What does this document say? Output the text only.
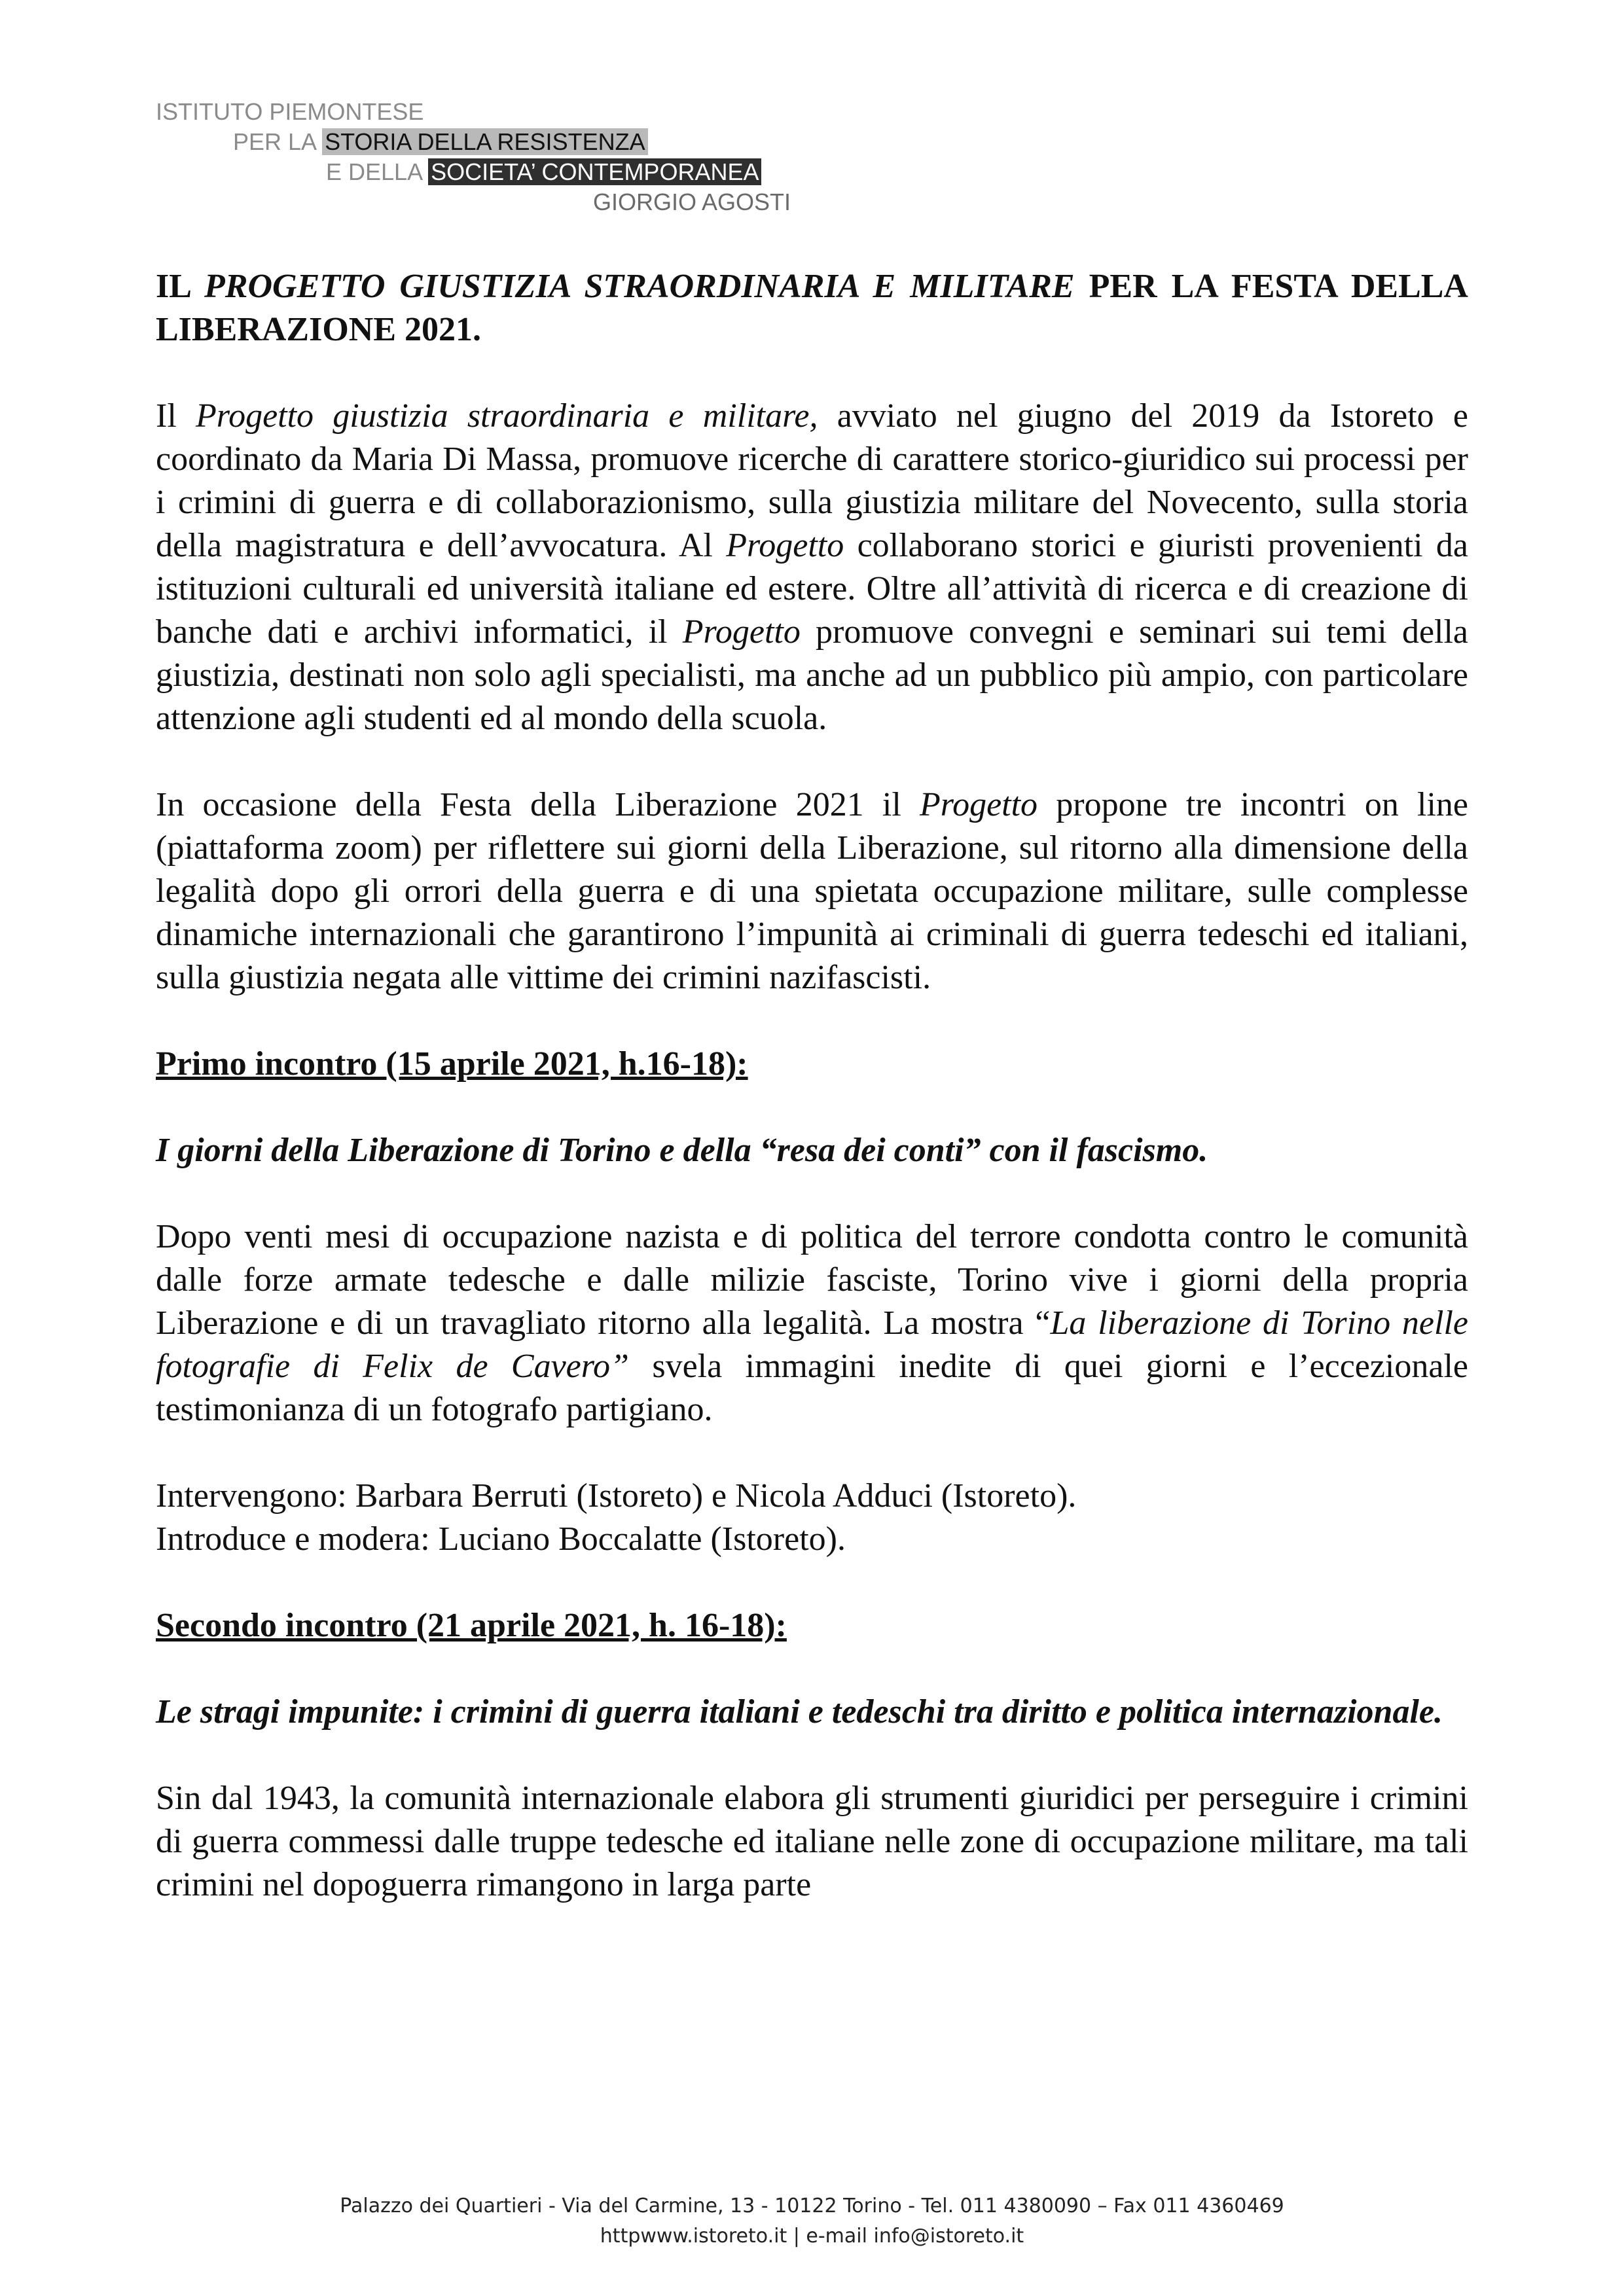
ISTITUTO PIEMONTESE
PER LA STORIA DELLA RESISTENZA
E DELLA SOCIETA’ CONTEMPORANEA
GIORGIO AGOSTI

IL PROGETTO GIUSTIZIA STRAORDINARIA E MILITARE PER LA FESTA DELLA LIBERAZIONE 2021.

Il Progetto giustizia straordinaria e militare, avviato nel giugno del 2019 da Istoreto e coordinato da Maria Di Massa, promuove ricerche di carattere storico-giuridico sui processi per i crimini di guerra e di collaborazionismo, sulla giustizia militare del Novecento, sulla storia della magistratura e dell’avvocatura. Al Progetto collaborano storici e giuristi provenienti da istituzioni culturali ed università italiane ed estere. Oltre all’attività di ricerca e di creazione di banche dati e archivi informatici, il Progetto promuove convegni e seminari sui temi della giustizia, destinati non solo agli specialisti, ma anche ad un pubblico più ampio, con particolare attenzione agli studenti ed al mondo della scuola.

In occasione della Festa della Liberazione 2021 il Progetto propone tre incontri on line (piattaforma zoom) per riflettere sui giorni della Liberazione, sul ritorno alla dimensione della legalità dopo gli orrori della guerra e di una spietata occupazione militare, sulle complesse dinamiche internazionali che garantirono l’impunità ai criminali di guerra tedeschi ed italiani, sulla giustizia negata alle vittime dei crimini nazifascisti.

Primo incontro (15 aprile 2021, h.16-18):

I giorni della Liberazione di Torino e della “resa dei conti” con il fascismo.

Dopo venti mesi di occupazione nazista e di politica del terrore condotta contro le comunità dalle forze armate tedesche e dalle milizie fasciste, Torino vive i giorni della propria Liberazione e di un travagliato ritorno alla legalità. La mostra “La liberazione di Torino nelle fotografie di Felix de Cavero” svela immagini inedite di quei giorni e l’eccezionale testimonianza di un fotografo partigiano.

Intervengono: Barbara Berruti (Istoreto) e Nicola Adduci (Istoreto).

Introduce e modera: Luciano Boccalatte (Istoreto).

Secondo incontro (21 aprile 2021, h. 16-18):

Le stragi impunite: i crimini di guerra italiani e tedeschi tra diritto e politica internazionale.

Sin dal 1943, la comunità internazionale elabora gli strumenti giuridici per perseguire i crimini di guerra commessi dalle truppe tedesche ed italiane nelle zone di occupazione militare, ma tali crimini nel dopoguerra rimangono in larga parte

Palazzo dei Quartieri - Via del Carmine, 13 - 10122 Torino - Tel. 011 4380090 – Fax 011 4360469
httpwww.istoreto.it | e-mail info@istoreto.it
